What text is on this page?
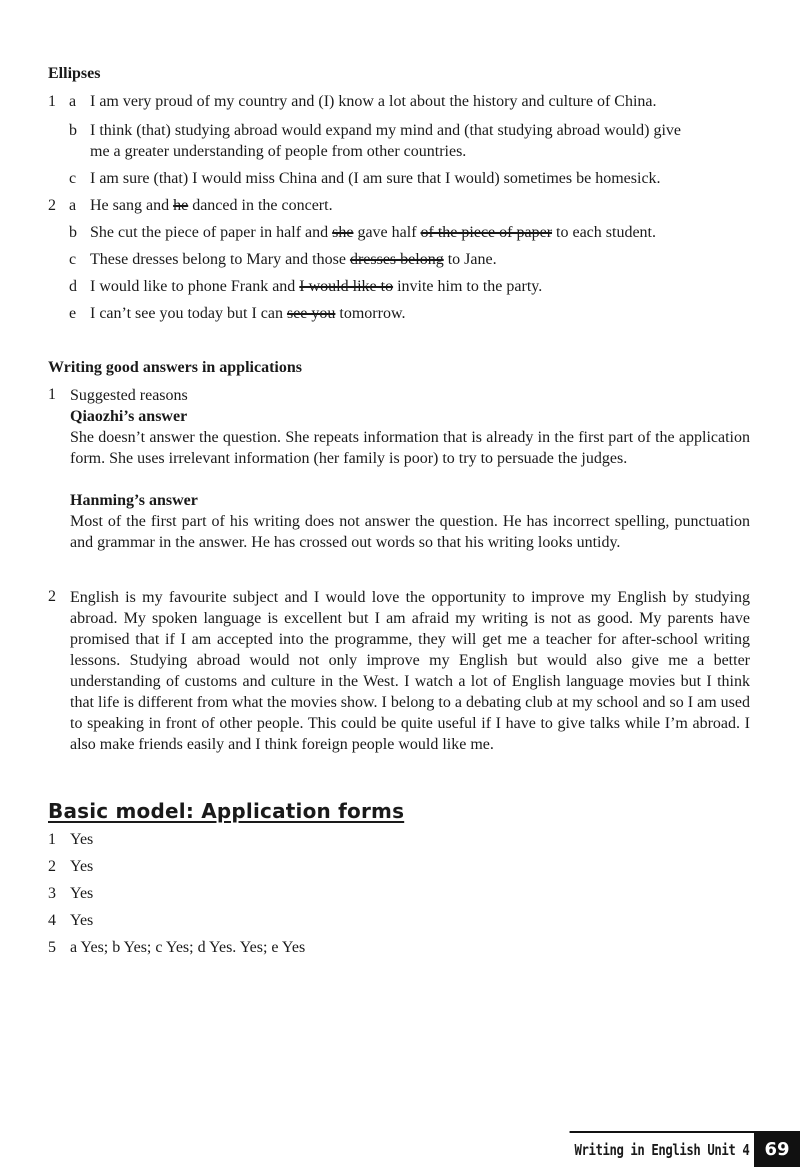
Ellipses
1 a I am very proud of my country and (I) know a lot about the history and culture of China.
b I think (that) studying abroad would expand my mind and (that studying abroad would) give
me a greater understanding of people from other countries.
c I am sure (that) I would miss China and (I am sure that I would) sometimes be homesick.
2 a He sang and he danced in the concert.
b She cut the piece of paper in half and she gave half of the piece of paper to each student.
c These dresses belong to Mary and those dresses belong to Jane.
d I would like to phone Frank and I would like to invite him to the party.
e I can’t see you today but I can see you tomorrow.
Writing good answers in applications
1 Suggested reasons
Qiaozhi’s answer
She doesn’t answer the question. She repeats information that is already in the first part of the application form. She uses irrelevant information (her family is poor) to try to persuade the judges.
Hanming’s answer
Most of the first part of his writing does not answer the question. He has incorrect spelling, punctuation and grammar in the answer. He has crossed out words so that his writing looks untidy.
2 English is my favourite subject and I would love the opportunity to improve my English by studying abroad. My spoken language is excellent but I am afraid my writing is not as good. My parents have promised that if I am accepted into the programme, they will get me a teacher for after-school writing lessons. Studying abroad would not only improve my English but would also give me a better understanding of customs and culture in the West. I watch a lot of English language movies but I think that life is different from what the movies show. I belong to a debating club at my school and so I am used to speaking in front of other people. This could be quite useful if I have to give talks while I’m abroad. I also make friends easily and I think foreign people would like me.
Basic model: Application forms
1 Yes
2 Yes
3 Yes
4 Yes
5 a Yes; b Yes; c Yes; d Yes. Yes; e Yes
Writing in English Unit 4 69
